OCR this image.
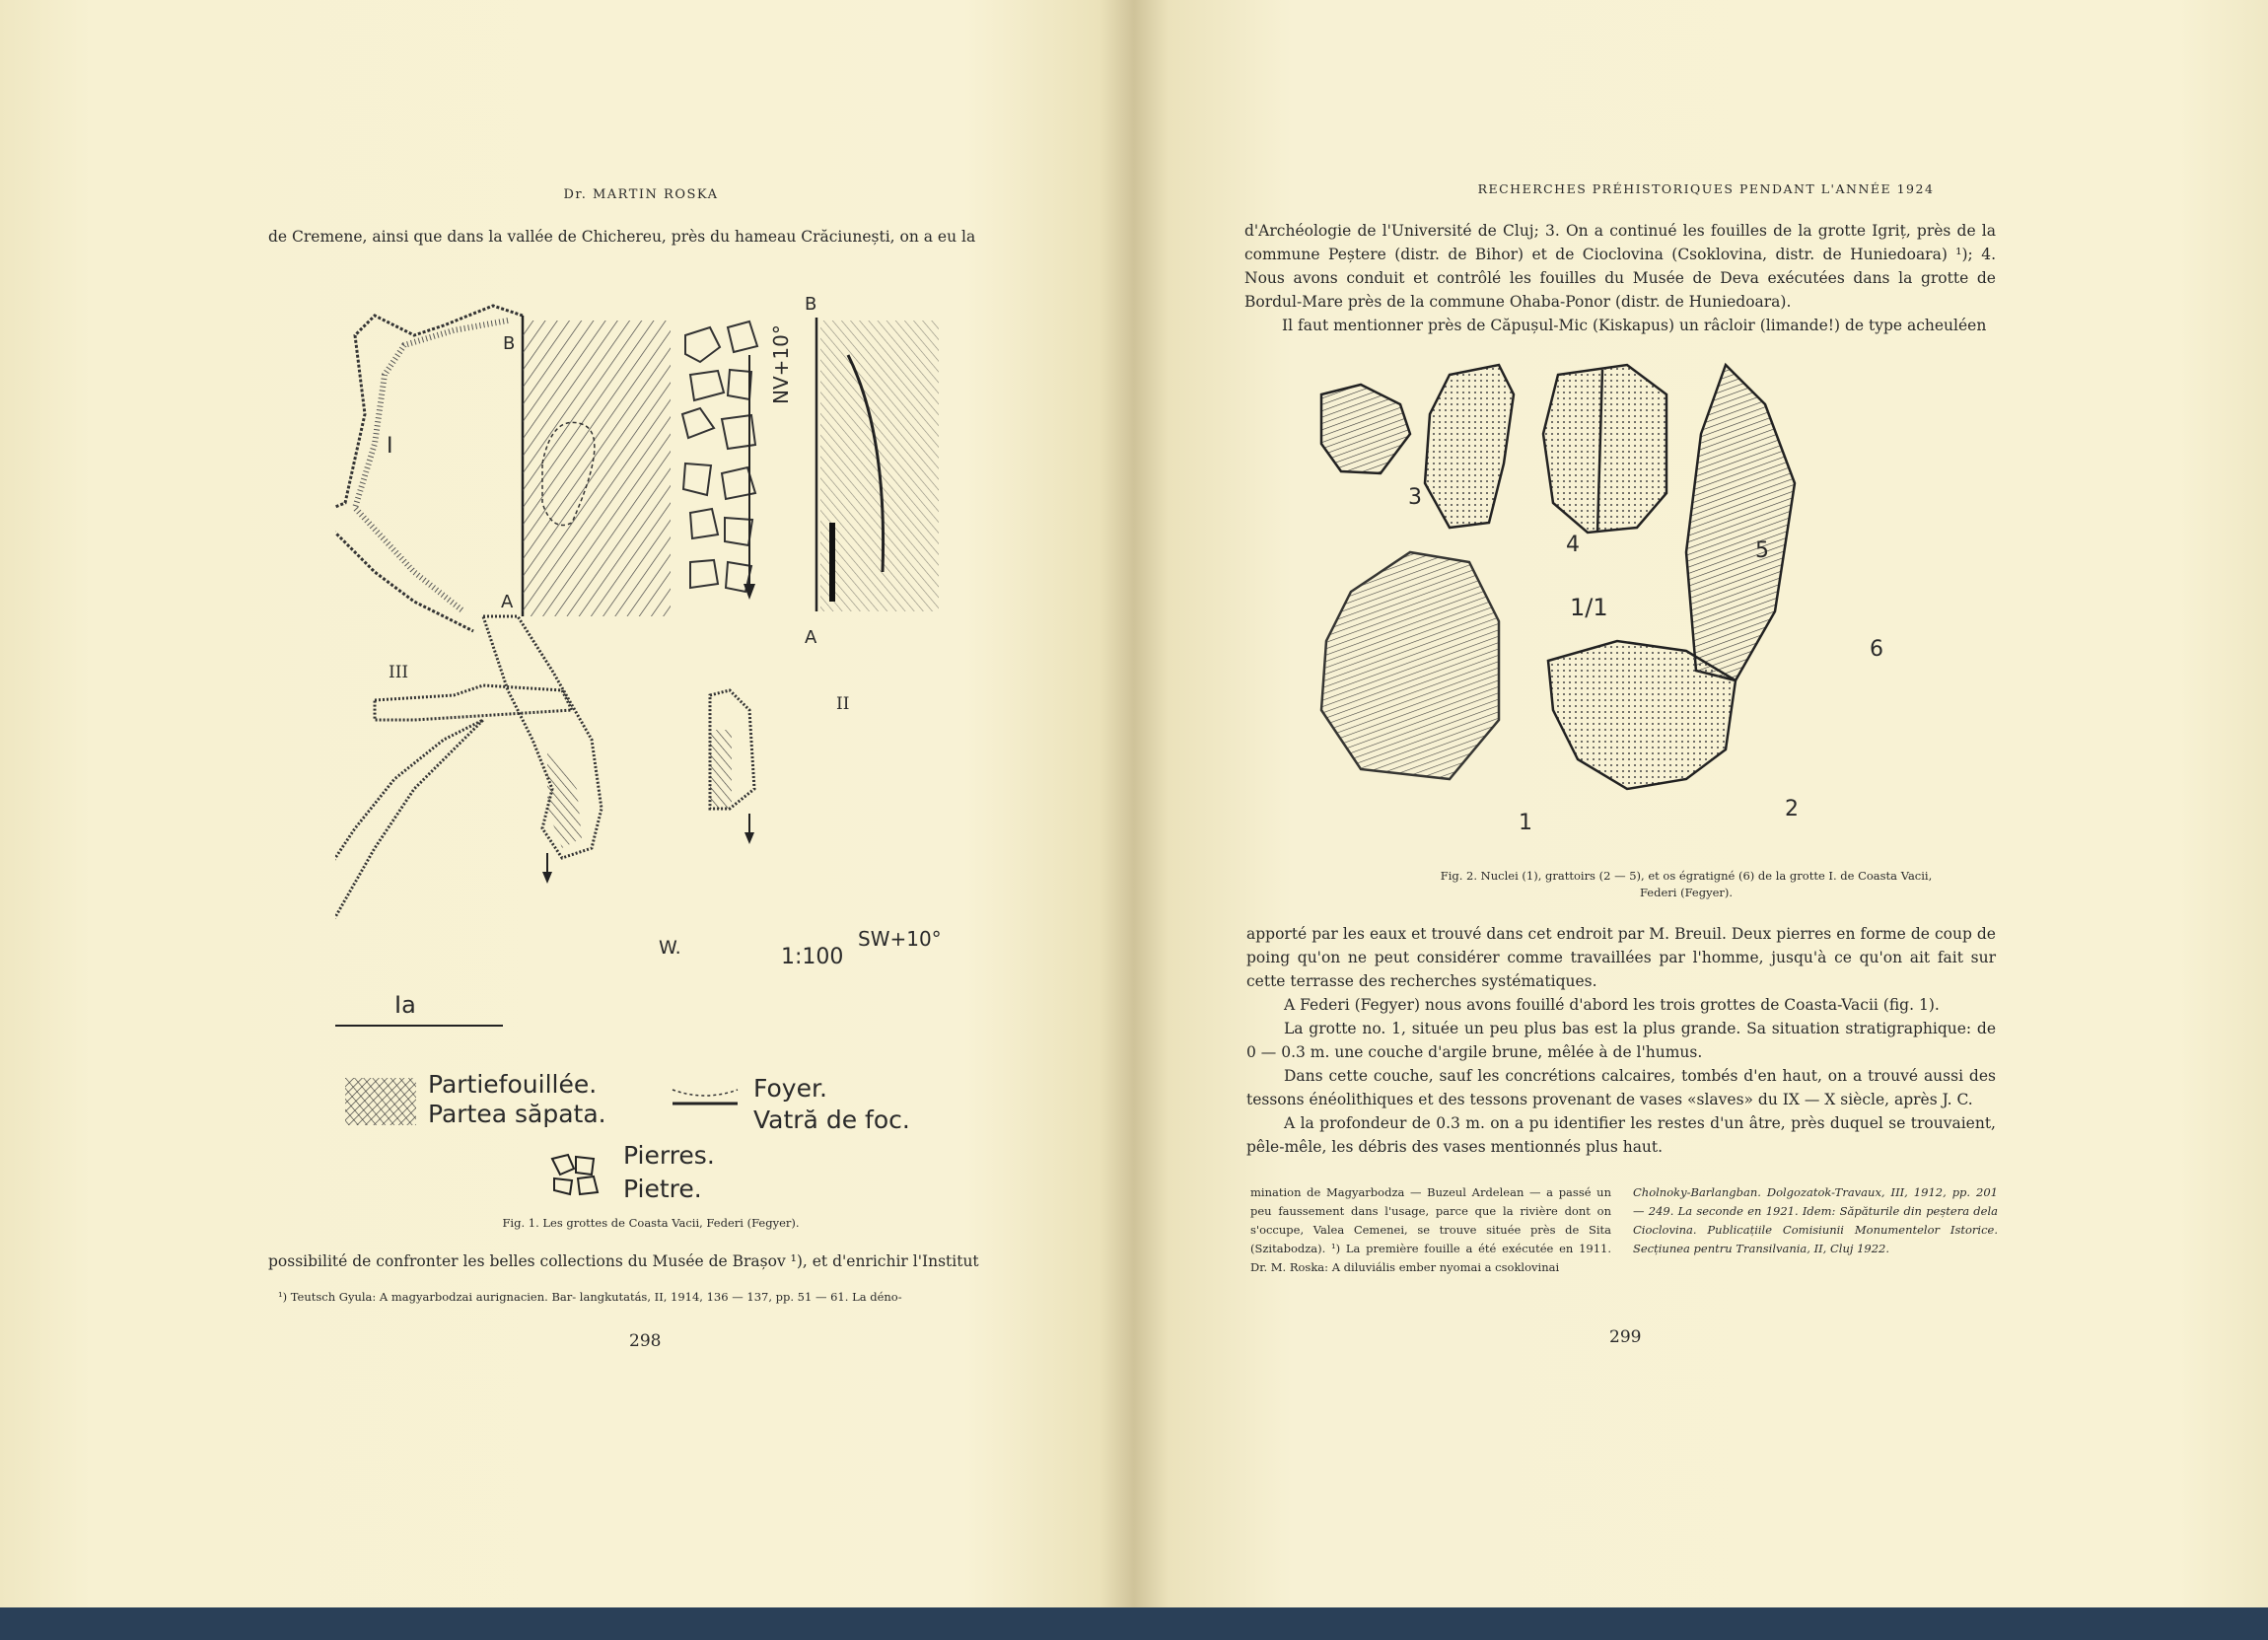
Dr. MARTIN ROSKA
de Cremene, ainsi que dans la vallée de Chichereu, près du hameau Crăciunești, on a eu la
I
B
A
B
A
NV+10°
III
II
Ia
W.	1:100
SW+10°
Partiefouillée.
Partea săpata.
Foyer.
Vatră de foc.
Pierres.
Pietre.
Fig. 1. Les grottes de Coasta Vacii, Federi (Fegyer).
possibilité de confronter les belles collections du Musée de Brașov ¹), et d'enrichir l'Institut
¹) Teutsch Gyula: A magyarbodzai aurignacien. Bar- langkutatás, II, 1914, 136 — 137, pp. 51 — 61. La déno-
298
RECHERCHES PRÉHISTORIQUES PENDANT L'ANNÉE 1924

d'Archéologie de l'Université de Cluj; 3. On a continué les fouilles de la grotte Igriț, près de la commune Peștere (distr. de Bihor) et de Cioclovina (Csoklovina, distr. de Huniedoara) ¹); 4. Nous avons conduit et contrôlé les fouilles du Musée de Deva exécutées dans la grotte de Bordul-Mare près de la commune Ohaba-Ponor (distr. de Huniedoara).

Il faut mentionner près de Căpușul-Mic (Kiskapus) un râcloir (limande!) de type acheuléen

3
4	5
6
1/1
1
2
Fig. 2. Nuclei (1), grattoirs (2 — 5), et os égratigné (6) de la grotte I. de Coasta Vacii,
Federi (Fegyer).

apporté par les eaux et trouvé dans cet endroit par M. Breuil. Deux pierres en forme de coup de poing qu'on ne peut considérer comme travaillées par l'homme, jusqu'à ce qu'on ait fait sur cette terrasse des recherches systématiques.

A Federi (Fegyer) nous avons fouillé d'abord les trois grottes de Coasta-Vacii (fig. 1).

La grotte no. 1, située un peu plus bas est la plus grande. Sa situation stratigraphique: de 0 — 0.3 m. une couche d'argile brune, mêlée à de l'humus.

Dans cette couche, sauf les concrétions calcaires, tombés d'en haut, on a trouvé aussi des tessons énéolithiques et des tessons provenant de vases «slaves» du IX — X siècle, après J. C.

A la profondeur de 0.3 m. on a pu identifier les restes d'un âtre, près duquel se trouvaient, pêle-mêle, les débris des vases mentionnés plus haut.

mination de Magyarbodza — Buzeul Ardelean — a passé un peu faussement dans l'usage, parce que la rivière dont on s'occupe, Valea Cemenei, se trouve située près de Sita (Szitabodza). ¹) La première fouille a été exécutée en 1911. Dr. M. Roska: A diluviális ember nyomai a csoklovinai
Cholnoky-Barlangban. Dolgozatok-Travaux, III, 1912, pp. 201 — 249. La seconde en 1921. Idem: Săpăturile din peștera dela Cioclovina. Publicațiile Comisiunii Monumentelor Istorice. Secțiunea pentru Transilvania, II, Cluj 1922.
299
